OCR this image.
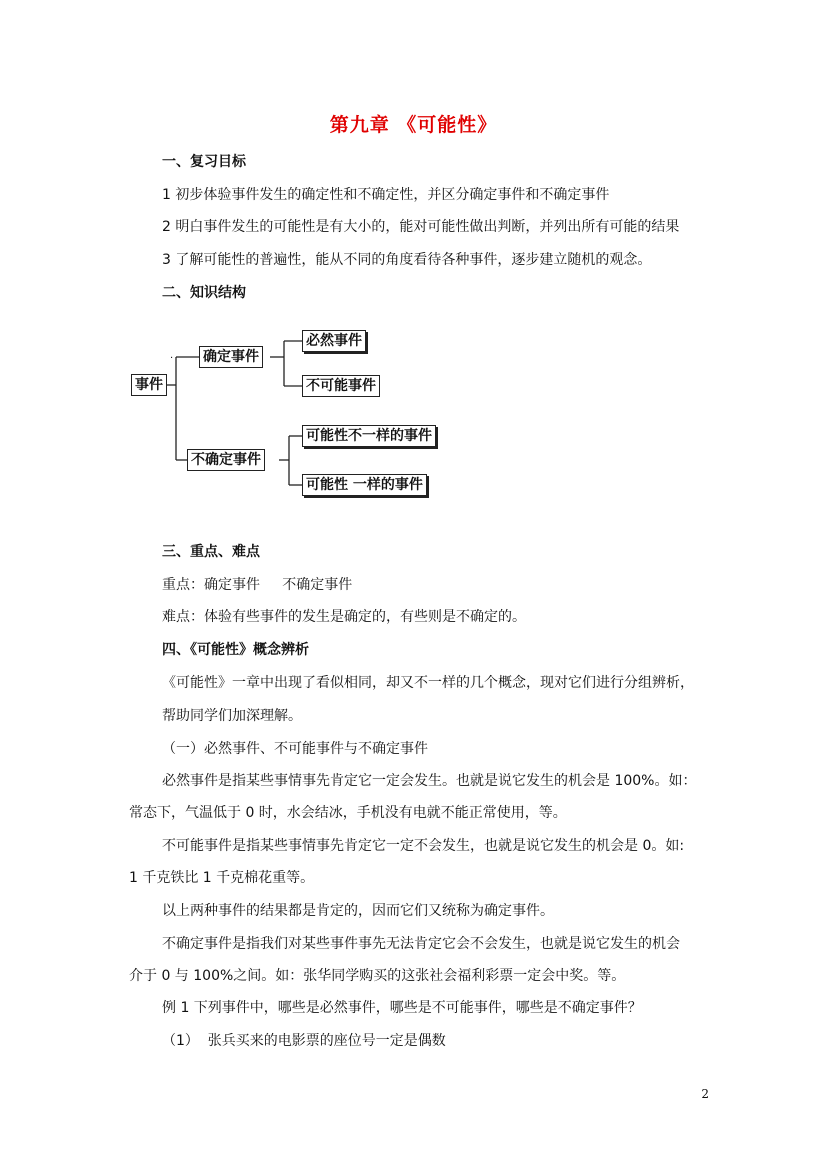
第九章 《可能性》
一、复习目标
1 初步体验事件发生的确定性和不确定性，并区分确定事件和不确定事件
2 明白事件发生的可能性是有大小的，能对可能性做出判断，并列出所有可能的结果
3 了解可能性的普遍性，能从不同的角度看待各种事件，逐步建立随机的观念。
二、知识结构
·
事件
确定事件
不确定事件
必然事件
不可能事件
可能性不一样的事件
可能性 一样的事件
三、重点、难点
重点：确定事件     不确定事件
难点：体验有些事件的发生是确定的，有些则是不确定的。
四、《可能性》概念辨析
《可能性》一章中出现了看似相同，却又不一样的几个概念，现对它们进行分组辨析，
帮助同学们加深理解。
（一）必然事件、不可能事件与不确定事件
必然事件是指某些事情事先肯定它一定会发生。也就是说它发生的机会是 100%。如：
常态下，气温低于 0 时，水会结冰，手机没有电就不能正常使用，等。
不可能事件是指某些事情事先肯定它一定不会发生，也就是说它发生的机会是 0。如:
1 千克铁比 1 千克棉花重等。
以上两种事件的结果都是肯定的，因而它们又统称为确定事件。
不确定事件是指我们对某些事件事先无法肯定它会不会发生，也就是说它发生的机会
介于 0 与 100%之间。如：张华同学购买的这张社会福利彩票一定会中奖。等。
例 1 下列事件中，哪些是必然事件，哪些是不可能事件，哪些是不确定事件？
（1）  张兵买来的电影票的座位号一定是偶数
2
